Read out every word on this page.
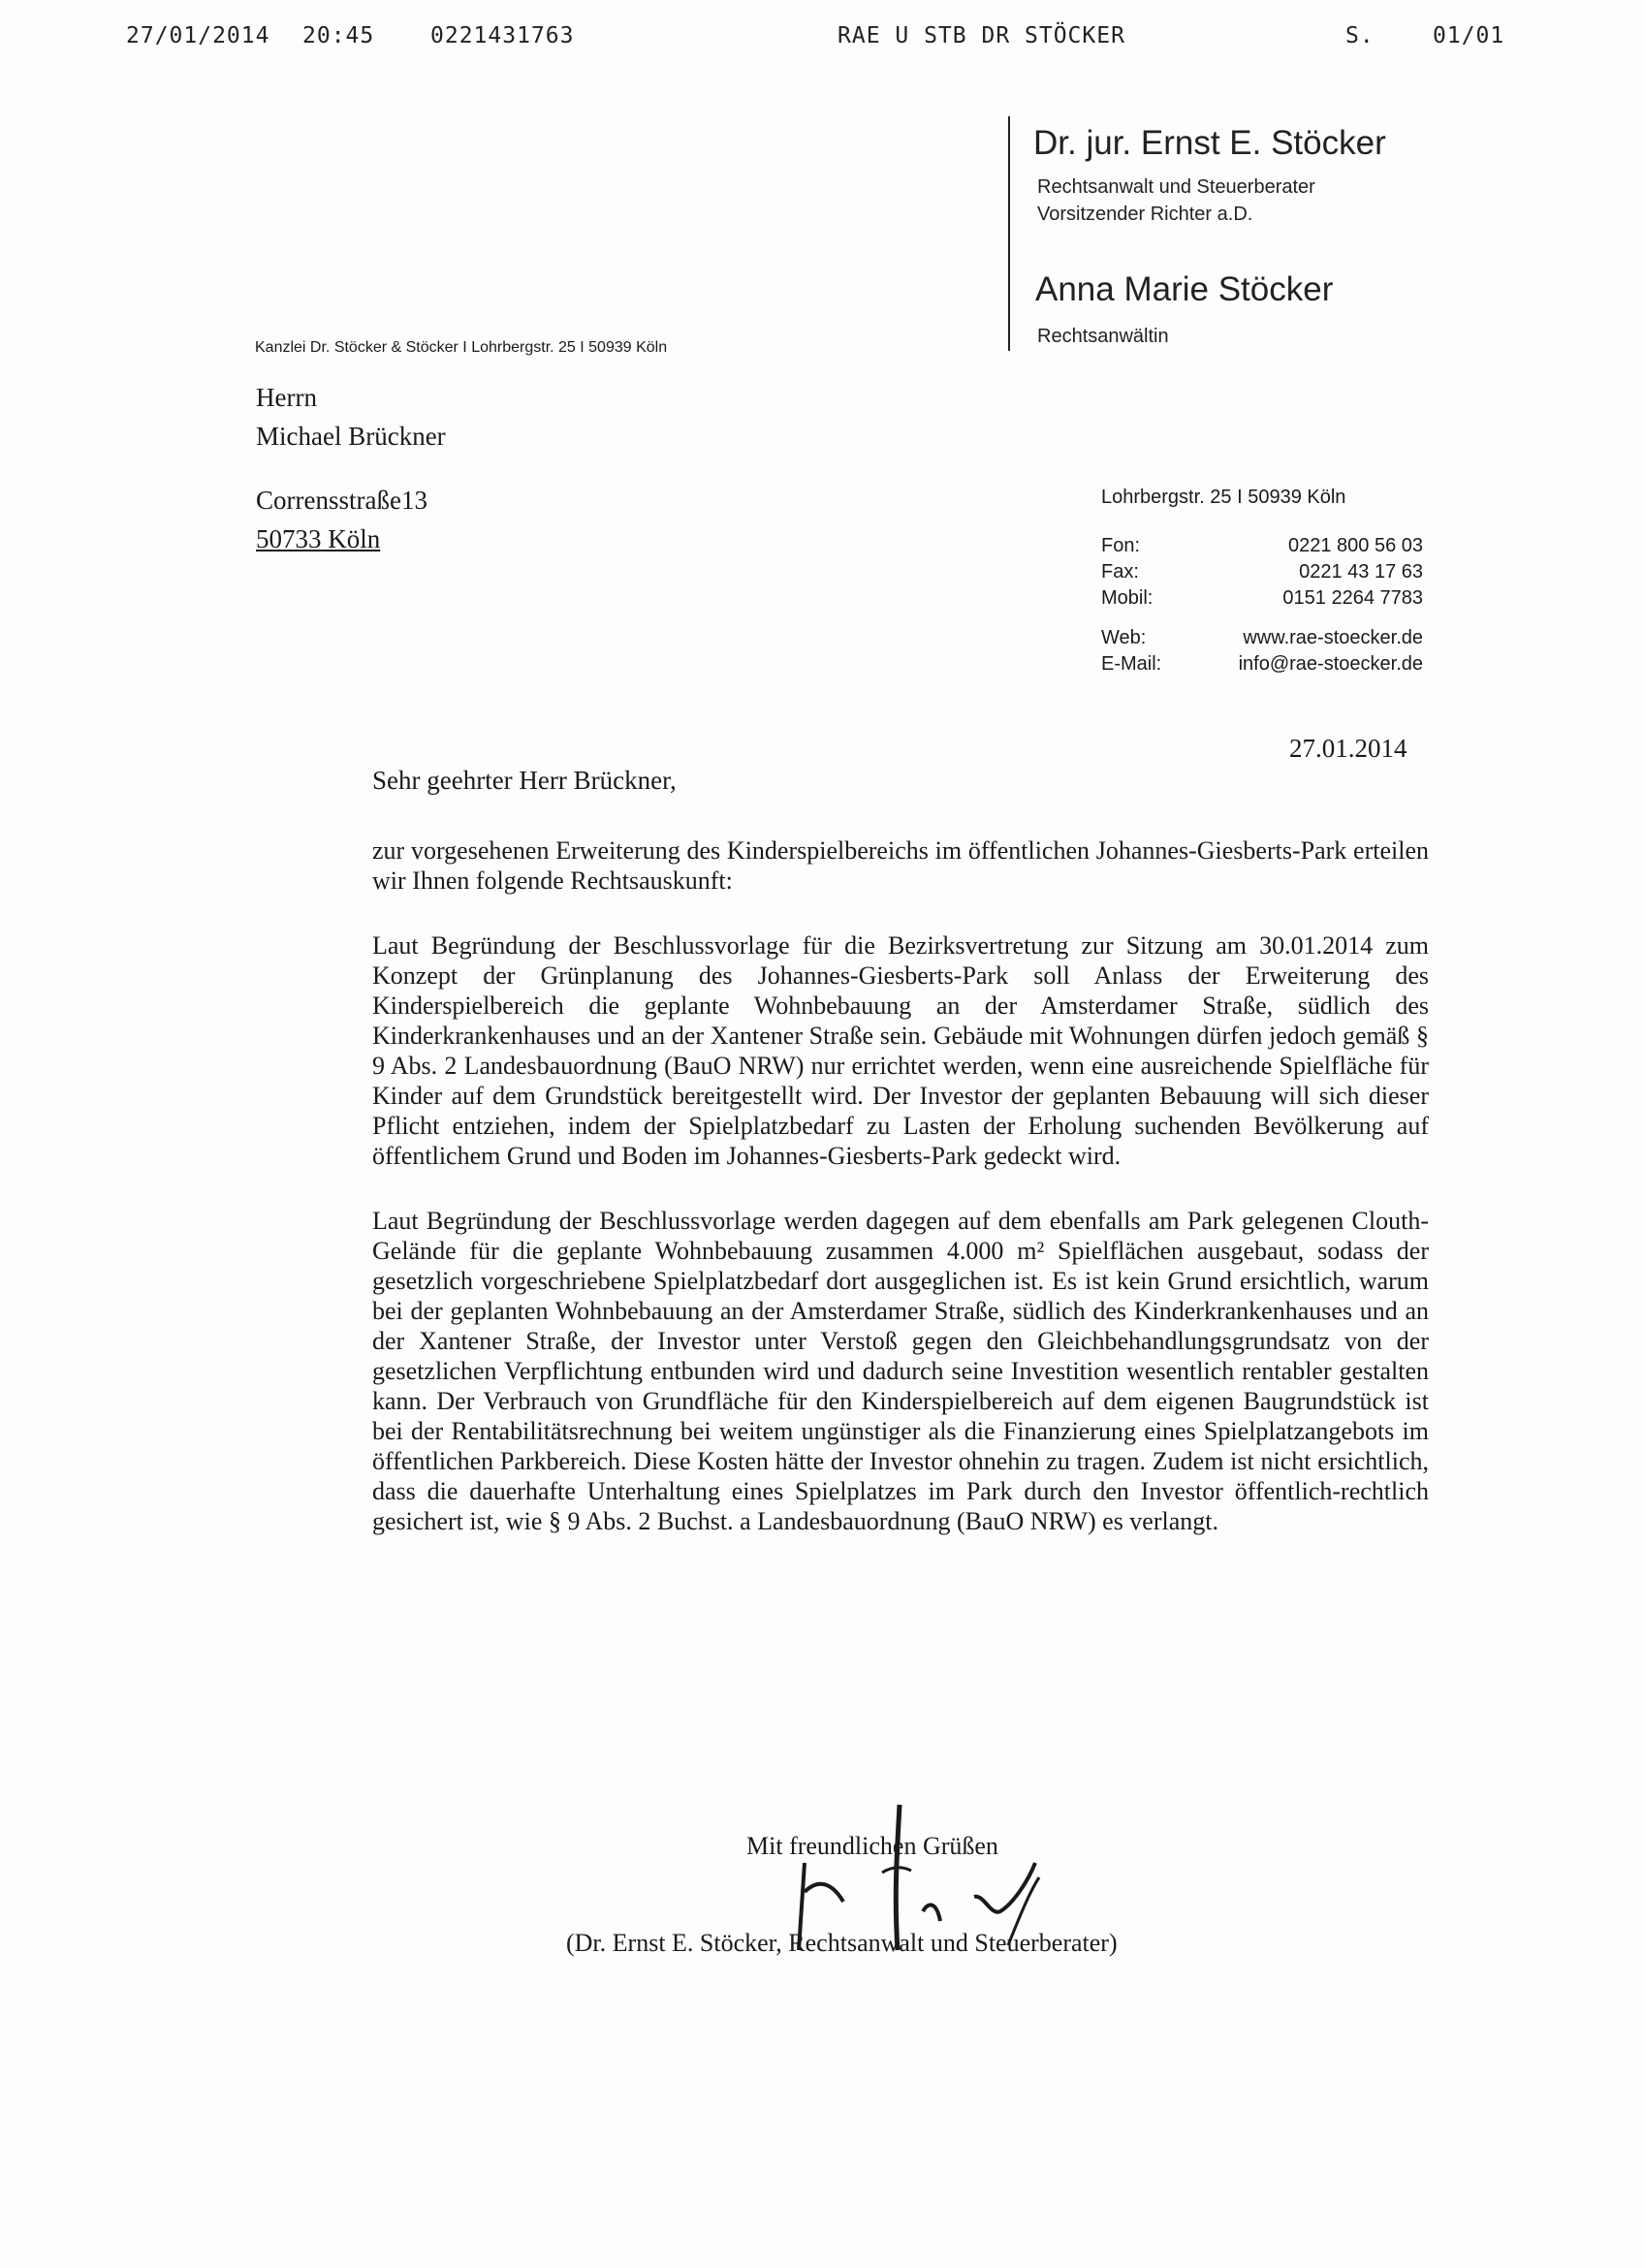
27/01/2014 20:45	0221431763	RAE U STB DR STÖCKER	S.	01/01
Dr. jur. Ernst E. Stöcker
Rechtsanwalt und Steuerberater
Vorsitzender Richter a.D.
Anna Marie Stöcker
Rechtsanwältin
Kanzlei Dr. Stöcker & Stöcker I Lohrbergstr. 25 I 50939 Köln
Herrn
Michael Brückner
Corrensstraße13
50733 Köln
Lohrbergstr. 25 I 50939 Köln
Fon:	0221 800 56 03
Fax:	0221 43 17 63
Mobil:	0151 2264 7783
Web:	www.rae-stoecker.de
E-Mail:	info@rae-stoecker.de
27.01.2014
Sehr geehrter Herr Brückner,

zur vorgesehenen Erweiterung des Kinderspielbereichs im öffentlichen Johannes-Giesberts-Park erteilen wir Ihnen folgende Rechtsauskunft:

Laut Begründung der Beschlussvorlage für die Bezirksvertretung zur Sitzung am 30.01.2014 zum Konzept der Grünplanung des Johannes-Giesberts-Park soll Anlass der Erweiterung des Kinderspielbereich die geplante Wohnbebauung an der Amsterdamer Straße, südlich des Kinderkrankenhauses und an der Xantener Straße sein. Gebäude mit Wohnungen dürfen jedoch gemäß § 9 Abs. 2 Landesbauordnung (BauO NRW) nur errichtet werden, wenn eine ausreichende Spielfläche für Kinder auf dem Grundstück bereitgestellt wird. Der Investor der geplanten Bebauung will sich dieser Pflicht entziehen, indem der Spielplatzbedarf zu Lasten der Erholung suchenden Bevölkerung auf öffentlichem Grund und Boden im Johannes-Giesberts-Park gedeckt wird.

Laut Begründung der Beschlussvorlage werden dagegen auf dem ebenfalls am Park gelegenen Clouth-Gelände für die geplante Wohnbebauung zusammen 4.000 m² Spielflächen ausgebaut, sodass der gesetzlich vorgeschriebene Spielplatzbedarf dort ausgeglichen ist. Es ist kein Grund ersichtlich, warum bei der geplanten Wohnbebauung an der Amsterdamer Straße, südlich des Kinderkrankenhauses und an der Xantener Straße, der Investor unter Verstoß gegen den Gleichbehandlungsgrundsatz von der gesetzlichen Verpflichtung entbunden wird und dadurch seine Investition wesentlich rentabler gestalten kann. Der Verbrauch von Grundfläche für den Kinderspielbereich auf dem eigenen Baugrundstück ist bei der Rentabilitätsrechnung bei weitem ungünstiger als die Finanzierung eines Spielplatzangebots im öffentlichen Parkbereich. Diese Kosten hätte der Investor ohnehin zu tragen. Zudem ist nicht ersichtlich, dass die dauerhafte Unterhaltung eines Spielplatzes im Park durch den Investor öffentlich-rechtlich gesichert ist, wie § 9 Abs. 2 Buchst. a Landesbauordnung (BauO NRW) es verlangt.

Mit freundlichen Grüßen
(Dr. Ernst E. Stöcker, Rechtsanwalt und Steuerberater)
